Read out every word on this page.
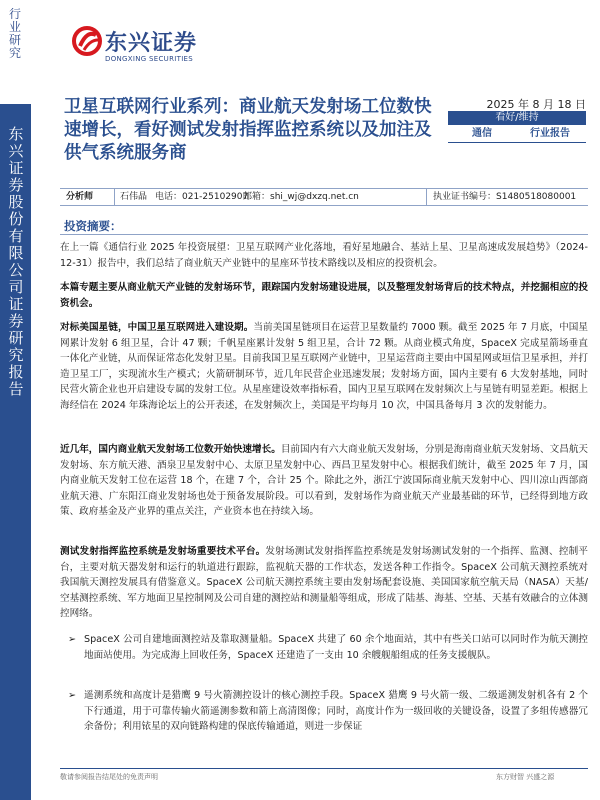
行业研究
东兴证券股份有限公司证券研究报告
东兴证券
DONGXING SECURITIES
卫星互联网行业系列：商业航天发射场工位数快速增长，看好测试发射指挥监控系统以及加注及供气系统服务商
2025 年 8 月 18 日
看好/维持
通信	行业报告
分析师	石伟晶 电话：021-25102907
邮箱：shi_wj@dxzq.net.cn	执业证书编号：S1480518080001
投资摘要：
在上一篇《通信行业 2025 年投资展望：卫星互联网产业化落地，看好星地融合、基站上星、卫星高速成发展趋势》（2024-12-31）报告中，我们总结了商业航天产业链中的星座环节技术路线以及相应的投资机会。
本篇专题主要从商业航天产业链的发射场环节，跟踪国内发射场建设进展，以及整理发射场背后的技术特点，并挖掘相应的投资机会。
对标美国星链，中国卫星互联网进入建设期。当前美国星链项目在运营卫星数量约 7000 颗。截至 2025 年 7 月底，中国星网累计发射 6 组卫星，合计 47 颗；千帆星座累计发射 5 组卫星，合计 72 颗。从商业模式角度，SpaceX 完成星箭场垂直一体化产业链，从而保证常态化发射卫星。目前我国卫星互联网产业链中，卫星运营商主要由中国星网或垣信卫星承担，并打造卫星工厂，实现流水生产模式；火箭研制环节，近几年民营企业迅速发展；发射场方面，国内主要有 6 大发射基地，同时民营火箭企业也开启建设专属的发射工位。从星座建设效率指标看，国内卫星互联网在发射频次上与星链有明显差距。根据上海经信在 2024 年珠海论坛上的公开表述，在发射频次上，美国是平均每月 10 次，中国具备每月 3 次的发射能力。
近几年，国内商业航天发射场工位数开始快速增长。目前国内有六大商业航天发射场，分别是海南商业航天发射场、文昌航天发射场、东方航天港、酒泉卫星发射中心、太原卫星发射中心、西昌卫星发射中心。根据我们统计，截至 2025 年 7 月，国内商业航天发射工位在运营 18 个，在建 7 个，合计 25 个。除此之外，浙江宁波国际商业航天发射中心、四川凉山西部商业航天港、广东阳江商业发射场也处于预备发展阶段。可以看到，发射场作为商业航天产业最基础的环节，已经得到地方政策、政府基金及产业界的重点关注，产业资本也在持续入场。
测试发射指挥监控系统是发射场重要技术平台。发射场测试发射指挥监控系统是发射场测试发射的一个指挥、监测、控制平台，主要对航天器发射和运行的轨道进行跟踪，监视航天器的工作状态，发送各种工作指令。SpaceX 公司航天测控系统对我国航天测控发展具有借鉴意义。SpaceX 公司航天测控系统主要由发射场配套设施、美国国家航空航天局（NASA）天基/空基测控系统、军方地面卫星控制网及公司自建的测控站和测量船等组成，形成了陆基、海基、空基、天基有效融合的立体测控网络。
➢ SpaceX 公司自建地面测控站及靠取测量船。SpaceX 共建了 60 余个地面站，其中有些关口站可以同时作为航天测控地面站使用。为完成海上回收任务，SpaceX 还建造了一支由 10 余艘舰船组成的任务支援舰队。
➢ 遥测系统和高度计是猎鹰 9 号火箭测控设计的核心测控手段。SpaceX 猎鹰 9 号火箭一级、二级遥测发射机各有 2 个下行通道，用于可靠传输火箭遥测参数和箭上高清图像；同时，高度计作为一级回收的关键设备，设置了多组传感器冗余备份；利用铱星的双向链路构建的保底传输通道，则进一步保证
敬请参阅报告结尾处的免责声明	东方财智 兴盛之源
